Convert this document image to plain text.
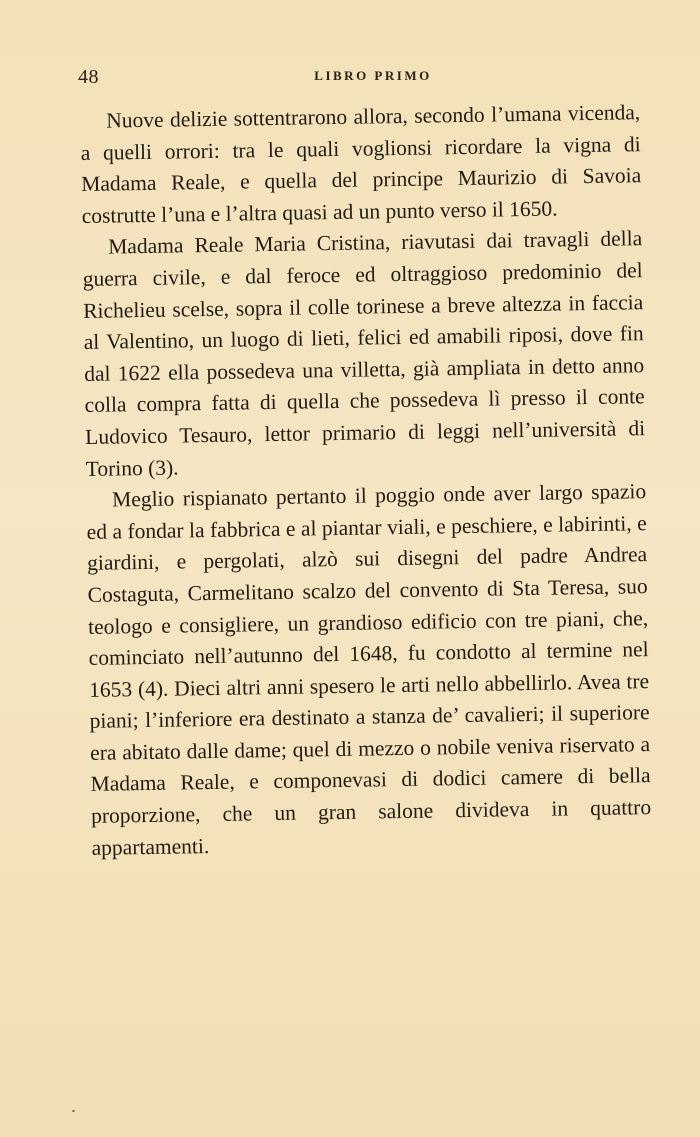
48	LIBRO PRIMO

Nuove delizie sottentrarono allora, secondo l’umana vicenda, a quelli orrori: tra le quali voglionsi ricordare la vigna di Madama Reale, e quella del principe Maurizio di Savoia costrutte l’una e l’altra quasi ad un punto verso il 1650.

Madama Reale Maria Cristina, riavutasi dai travagli della guerra civile, e dal feroce ed oltraggioso predominio del Richelieu scelse, sopra il colle torinese a breve altezza in faccia al Valentino, un luogo di lieti, felici ed amabili riposi, dove fin dal 1622 ella possedeva una villetta, già ampliata in detto anno colla compra fatta di quella che possedeva lì presso il conte Ludovico Tesauro, lettor primario di leggi nell’università di Torino (3).

Meglio rispianato pertanto il poggio onde aver largo spazio ed a fondar la fabbrica e al piantar viali, e peschiere, e labirinti, e giardini, e pergolati, alzò sui disegni del padre Andrea Costaguta, Carmelitano scalzo del convento di Sta Teresa, suo teologo e consigliere, un grandioso edificio con tre piani, che, cominciato nell’autunno del 1648, fu condotto al termine nel 1653 (4). Dieci altri anni spesero le arti nello abbellirlo. Avea tre piani; l’inferiore era destinato a stanza de’ cavalieri; il superiore era abitato dalle dame; quel di mezzo o nobile veniva riservato a Madama Reale, e componevasi di dodici camere di bella proporzione, che un gran salone divideva in quattro appartamenti.
